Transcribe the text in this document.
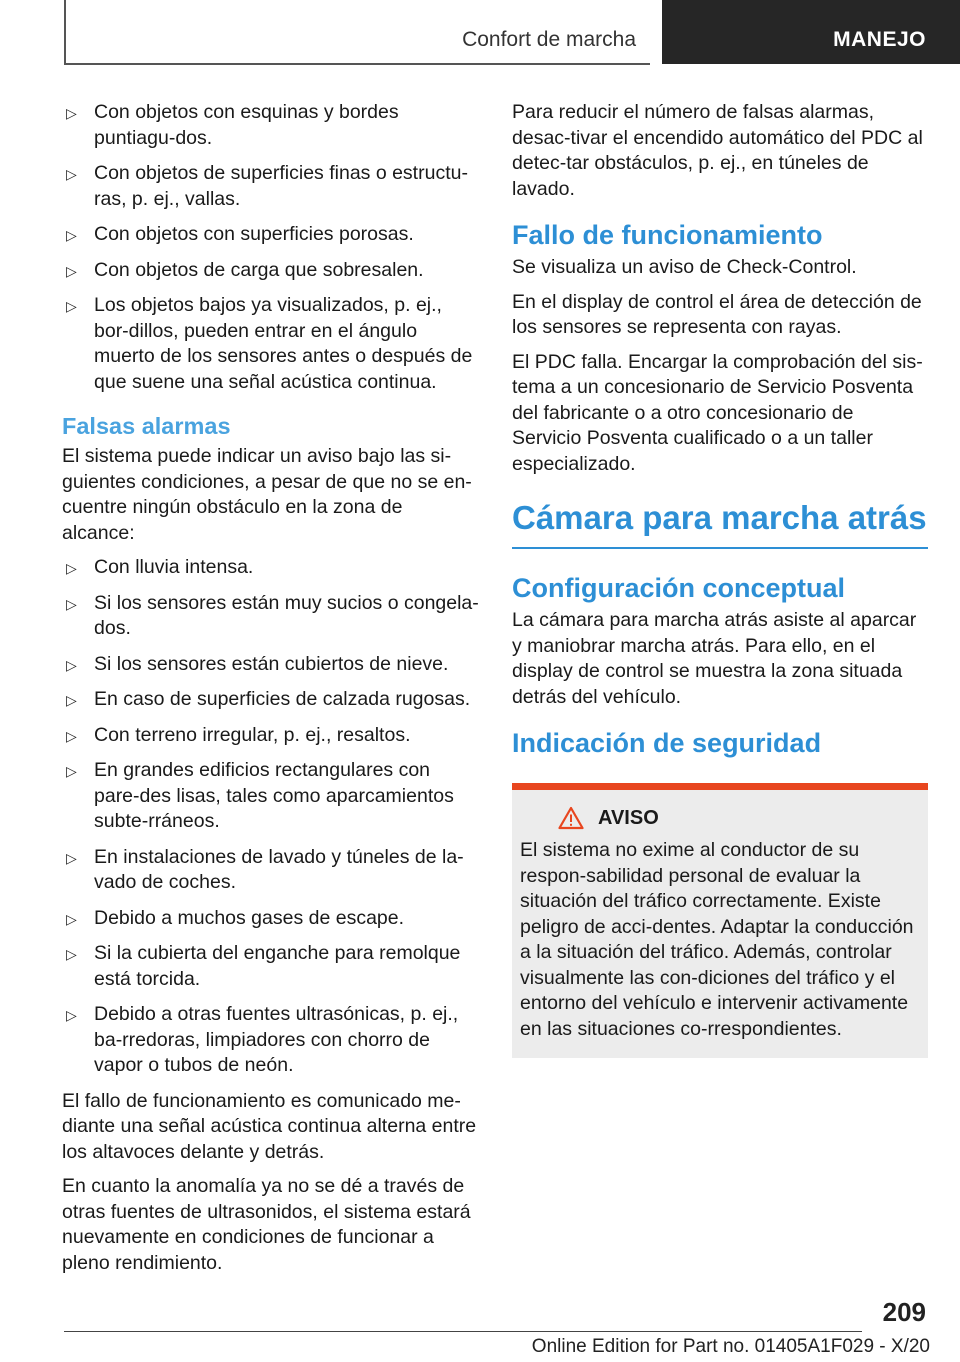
Confort de marcha	MANEJO
▷ Con objetos con esquinas y bordes puntiagu-dos.
▷ Con objetos de superficies finas o estructu-ras, p. ej., vallas.
▷ Con objetos con superficies porosas.
▷ Con objetos de carga que sobresalen.
▷ Los objetos bajos ya visualizados, p. ej., bor-dillos, pueden entrar en el ángulo muerto de los sensores antes o después de que suene una señal acústica continua.
Falsas alarmas

El sistema puede indicar un aviso bajo las si-guientes condiciones, a pesar de que no se en-cuentre ningún obstáculo en la zona de alcance:

▷ Con lluvia intensa.
▷ Si los sensores están muy sucios o congela-dos.
▷ Si los sensores están cubiertos de nieve.
▷ En caso de superficies de calzada rugosas.
▷ Con terreno irregular, p. ej., resaltos.
▷ En grandes edificios rectangulares con pare-des lisas, tales como aparcamientos subte-rráneos.
▷ En instalaciones de lavado y túneles de la-vado de coches.
▷ Debido a muchos gases de escape.
▷ Si la cubierta del enganche para remolque está torcida.
▷ Debido a otras fuentes ultrasónicas, p. ej., ba-rredoras, limpiadores con chorro de vapor o tubos de neón.

El fallo de funcionamiento es comunicado me-diante una señal acústica continua alterna entre los altavoces delante y detrás.

En cuanto la anomalía ya no se dé a través de otras fuentes de ultrasonidos, el sistema estará nuevamente en condiciones de funcionar a pleno rendimiento.

Para reducir el número de falsas alarmas, desac-tivar el encendido automático del PDC al detec-tar obstáculos, p. ej., en túneles de lavado.

Fallo de funcionamiento

Se visualiza un aviso de Check-Control.

En el display de control el área de detección de los sensores se representa con rayas.

El PDC falla. Encargar la comprobación del sis-tema a un concesionario de Servicio Posventa del fabricante o a otro concesionario de Servicio Posventa cualificado o a un taller especializado.

Cámara para marcha atrás
Configuración conceptual

La cámara para marcha atrás asiste al aparcar y maniobrar marcha atrás. Para ello, en el display de control se muestra la zona situada detrás del vehículo.

Indicación de seguridad
AVISO

El sistema no exime al conductor de su respon-sabilidad personal de evaluar la situación del tráfico correctamente. Existe peligro de acci-dentes. Adaptar la conducción a la situación del tráfico. Además, controlar visualmente las con-diciones del tráfico y el entorno del vehículo e intervenir activamente en las situaciones co-rrespondientes.

209
Online Edition for Part no. 01405A1F029 - X/20
